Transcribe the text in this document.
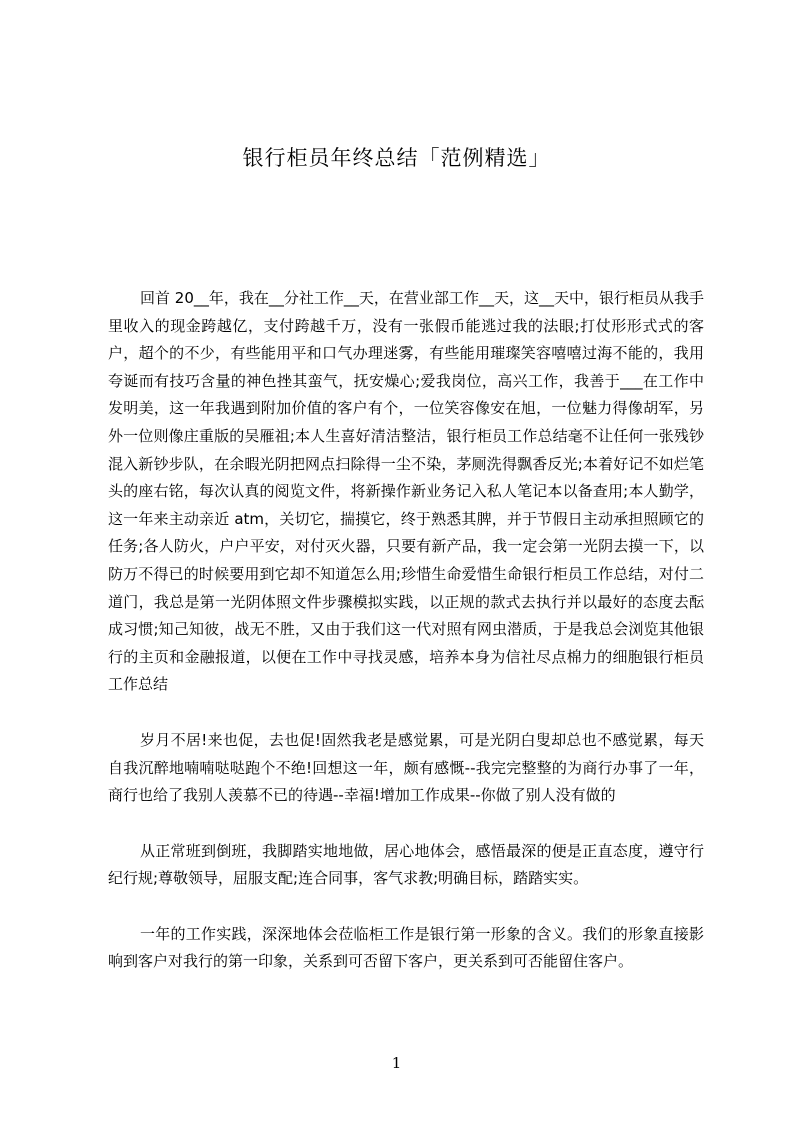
银行柜员年终总结「范例精选」

回首 20__年，我在__分社工作__天，在营业部工作__天，这__天中，银行柜员从我手里收入的现金跨越亿，支付跨越千万，没有一张假币能逃过我的法眼;打仗形形式式的客户，超个的不少，有些能用平和口气办理迷雾，有些能用璀璨笑容嘻嘻过海不能的，我用夸诞而有技巧含量的神色挫其蛮气，抚安燥心;爱我岗位，高兴工作，我善于___在工作中发明美，这一年我遇到附加价值的客户有个，一位笑容像安在旭，一位魅力得像胡军，另外一位则像庄重版的吴雁祖;本人生喜好清洁整洁，银行柜员工作总结毫不让任何一张残钞混入新钞步队，在余暇光阴把网点扫除得一尘不染，茅厕洗得飘香反光;本着好记不如烂笔头的座右铭，每次认真的阅览文件，将新操作新业务记入私人笔记本以备查用;本人勤学，这一年来主动亲近 atm，关切它，揣摸它，终于熟悉其脾，并于节假日主动承担照顾它的任务;各人防火，户户平安，对付灭火器，只要有新产品，我一定会第一光阴去摸一下，以防万不得已的时候要用到它却不知道怎么用;珍惜生命爱惜生命银行柜员工作总结，对付二道门，我总是第一光阴体照文件步骤模拟实践，以正规的款式去执行并以最好的态度去酝成习惯;知己知彼，战无不胜，又由于我们这一代对照有网虫潜质，于是我总会浏览其他银行的主页和金融报道，以便在工作中寻找灵感，培养本身为信社尽点棉力的细胞银行柜员工作总结

岁月不居!来也促，去也促!固然我老是感觉累，可是光阴白叟却总也不感觉累，每天自我沉醉地喃喃哒哒跑个不绝!回想这一年，颇有感慨--我完完整整的为商行办事了一年，商行也给了我别人羡慕不已的待遇--幸福!增加工作成果--你做了别人没有做的

从正常班到倒班，我脚踏实地地做，居心地体会，感悟最深的便是正直态度，遵守行纪行规;尊敬领导，屈服支配;连合同事，客气求教;明确目标，踏踏实实。

一年的工作实践，深深地体会莅临柜工作是银行第一形象的含义。我们的形象直接影响到客户对我行的第一印象，关系到可否留下客户，更关系到可否能留住客户。

1
